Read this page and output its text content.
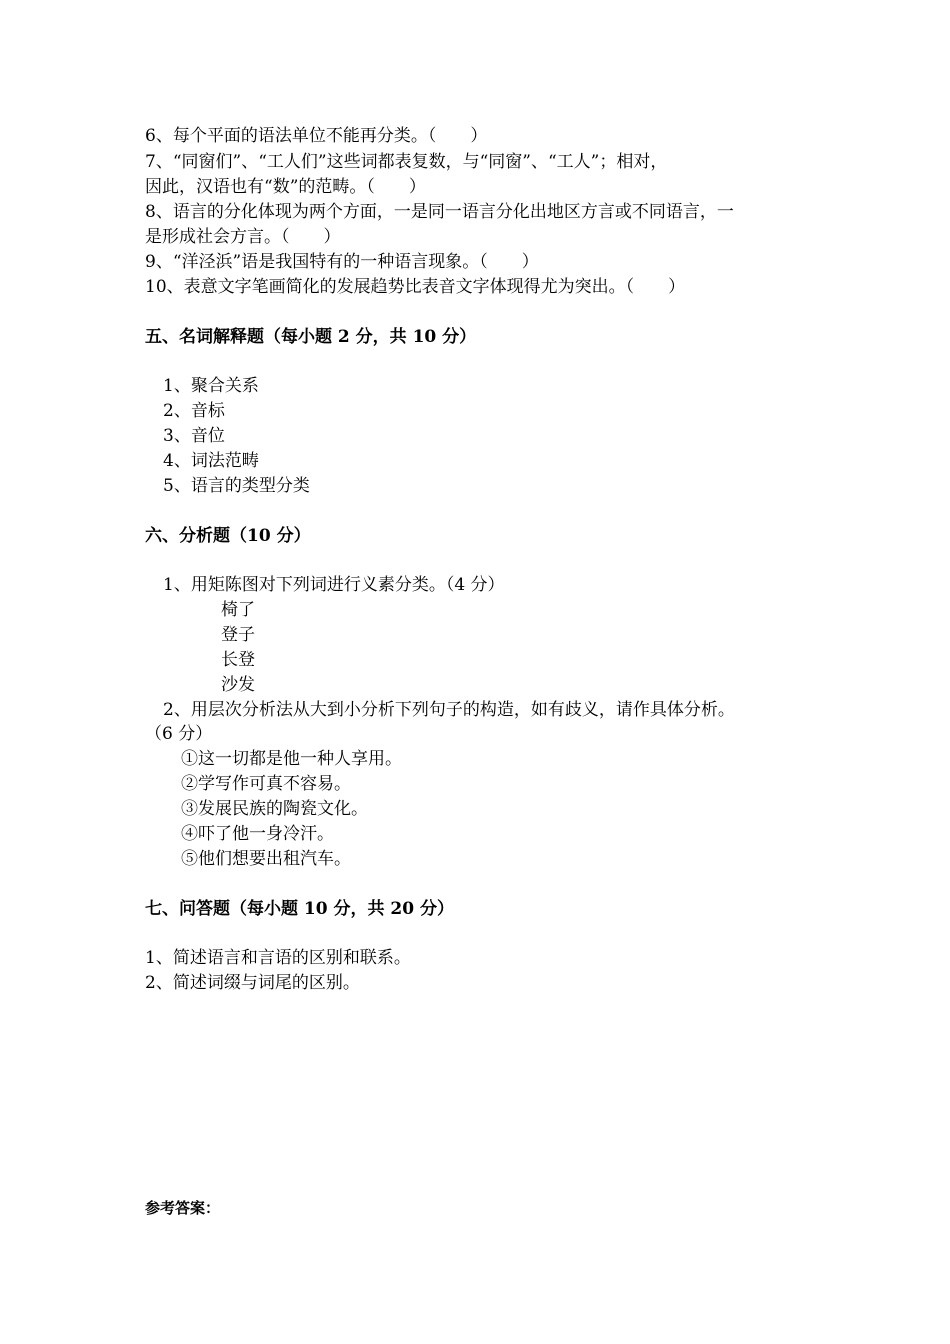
6、每个平面的语法单位不能再分类。（　　）
7、“同窗们”、“工人们”这些词都表复数，与“同窗”、“工人”；相对，
因此，汉语也有“数”的范畴。（　　）
8、语言的分化体现为两个方面，一是同一语言分化出地区方言或不同语言，一
是形成社会方言。（　　）
9、“洋泾浜”语是我国特有的一种语言现象。（　　）
10、表意文字笔画简化的发展趋势比表音文字体现得尤为突出。（　　）
五、名词解释题（每小题 2 分，共 10 分）
1、聚合关系
2、音标
3、音位
4、词法范畴
5、语言的类型分类
六、分析题（10 分）
1、用矩陈图对下列词进行义素分类。（4 分）
椅了
登子
长登
沙发
2、用层次分析法从大到小分析下列句子的构造，如有歧义，请作具体分析。
（6 分）
①这一切都是他一种人享用。
②学写作可真不容易。
③发展民族的陶瓷文化。
④吓了他一身冷汗。
⑤他们想要出租汽车。
七、问答题（每小题 10 分，共 20 分）
1、简述语言和言语的区别和联系。
2、简述词缀与词尾的区别。
参考答案：
